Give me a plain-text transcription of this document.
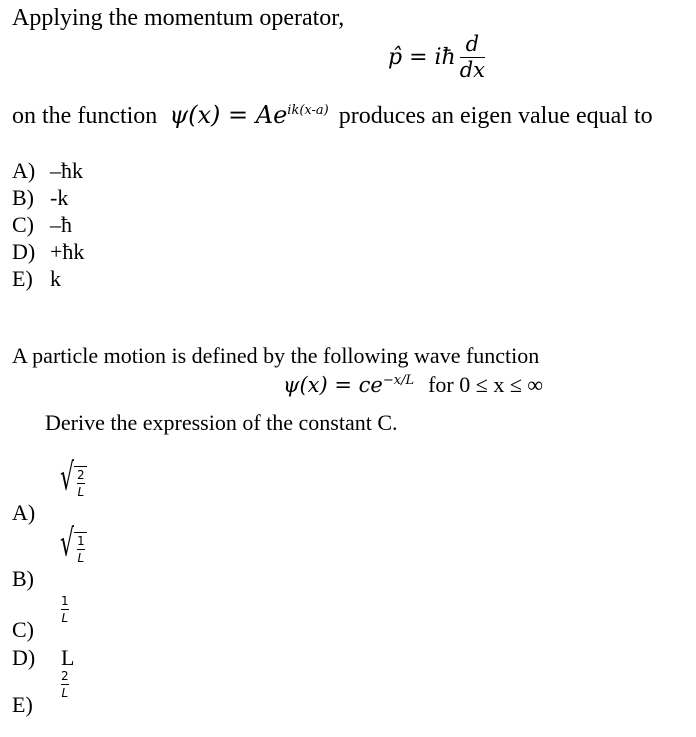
Applying the momentum operator,
p̂ = iħ $\frac{d}{dx}$
on the function $\psi(x) = Ae^{ik(x-a)}$ produces an eigen value equal to
A) –ħk
B) -k
C) –ħ
D) +ħk
E) k
A particle motion is defined by the following wave function
$\psi(x) = ce^{-x/L}$ for 0 ≤ x ≤ ∞
Derive the expression of the constant C.
A)
√ $\frac{2}{L}$
B)
√ $\frac{1}{L}$
C)
1
L
D) L
E)
2
L
